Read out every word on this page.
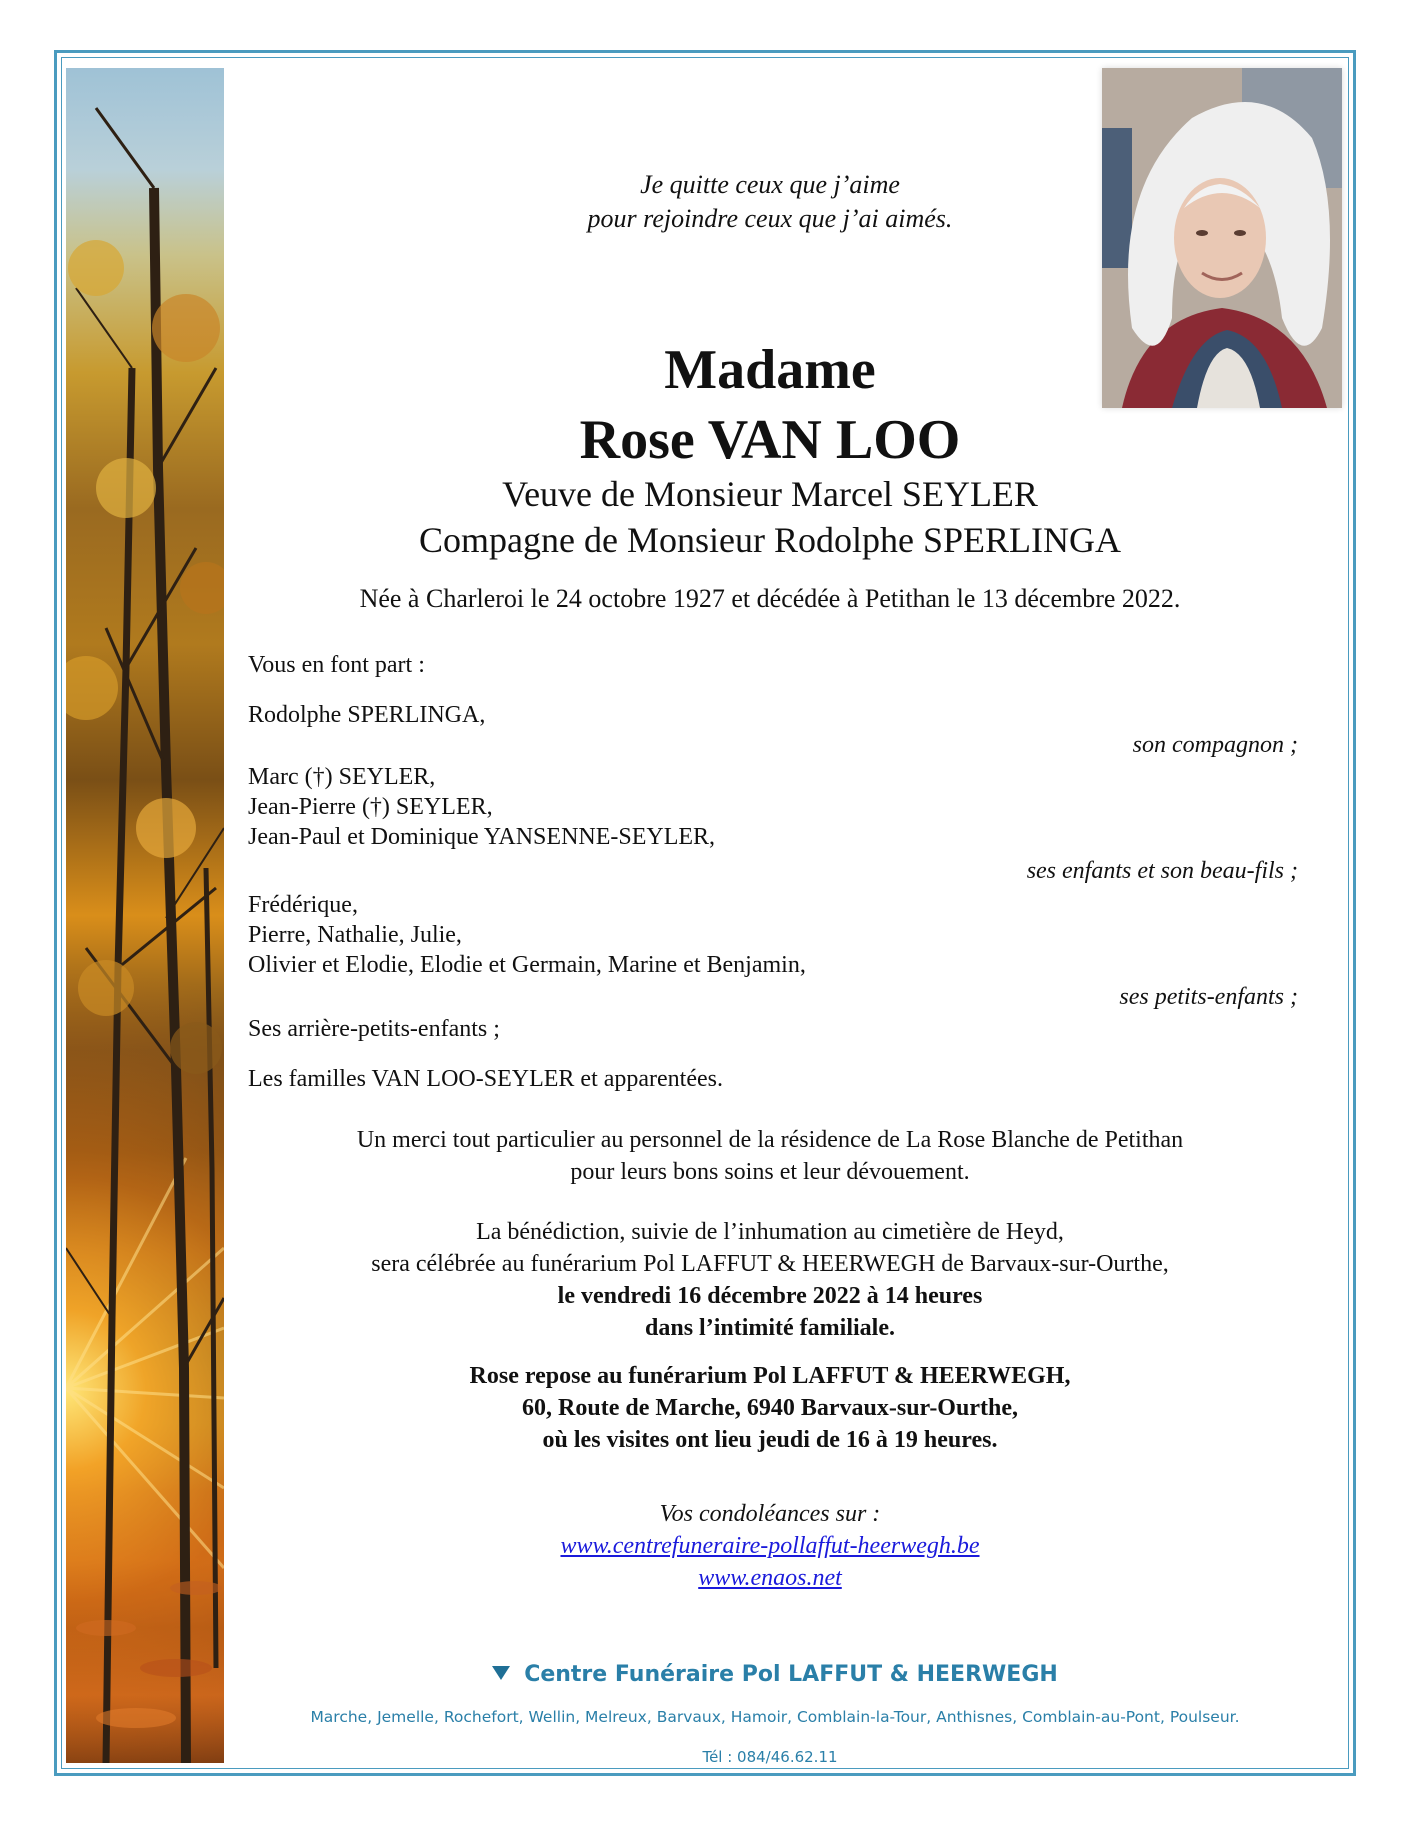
Je quitte ceux que j’aime
pour rejoindre ceux que j’ai aimés.
Madame
Rose VAN LOO
Veuve de Monsieur Marcel SEYLER
Compagne de Monsieur Rodolphe SPERLINGA
Née à Charleroi le 24 octobre 1927 et décédée à Petithan le 13 décembre 2022.
Vous en font part :
Rodolphe SPERLINGA,
son compagnon ;
Marc (†) SEYLER,
Jean-Pierre (†) SEYLER,
Jean-Paul et Dominique YANSENNE-SEYLER,
ses enfants et son beau-fils ;
Frédérique,
Pierre, Nathalie, Julie,
Olivier et Elodie, Elodie et Germain, Marine et Benjamin,
ses petits-enfants ;
Ses arrière-petits-enfants ;
Les familles VAN LOO-SEYLER et apparentées.
Un merci tout particulier au personnel de la résidence de La Rose Blanche de Petithan
pour leurs bons soins et leur dévouement.
La bénédiction, suivie de l’inhumation au cimetière de Heyd,
sera célébrée au funérarium Pol LAFFUT & HEERWEGH de Barvaux-sur-Ourthe,
le vendredi 16 décembre 2022 à 14 heures
dans l’intimité familiale.
Rose repose au funérarium Pol LAFFUT & HEERWEGH,
60, Route de Marche, 6940 Barvaux-sur-Ourthe,
où les visites ont lieu jeudi de 16 à 19 heures.
Vos condoléances sur :
www.centrefuneraire-pollaffut-heerwegh.be
www.enaos.net
Centre Funéraire Pol LAFFUT & HEERWEGH
Marche, Jemelle, Rochefort, Wellin, Melreux, Barvaux, Hamoir, Comblain-la-Tour, Anthisnes, Comblain-au-Pont, Poulseur.
Tél : 084/46.62.11
